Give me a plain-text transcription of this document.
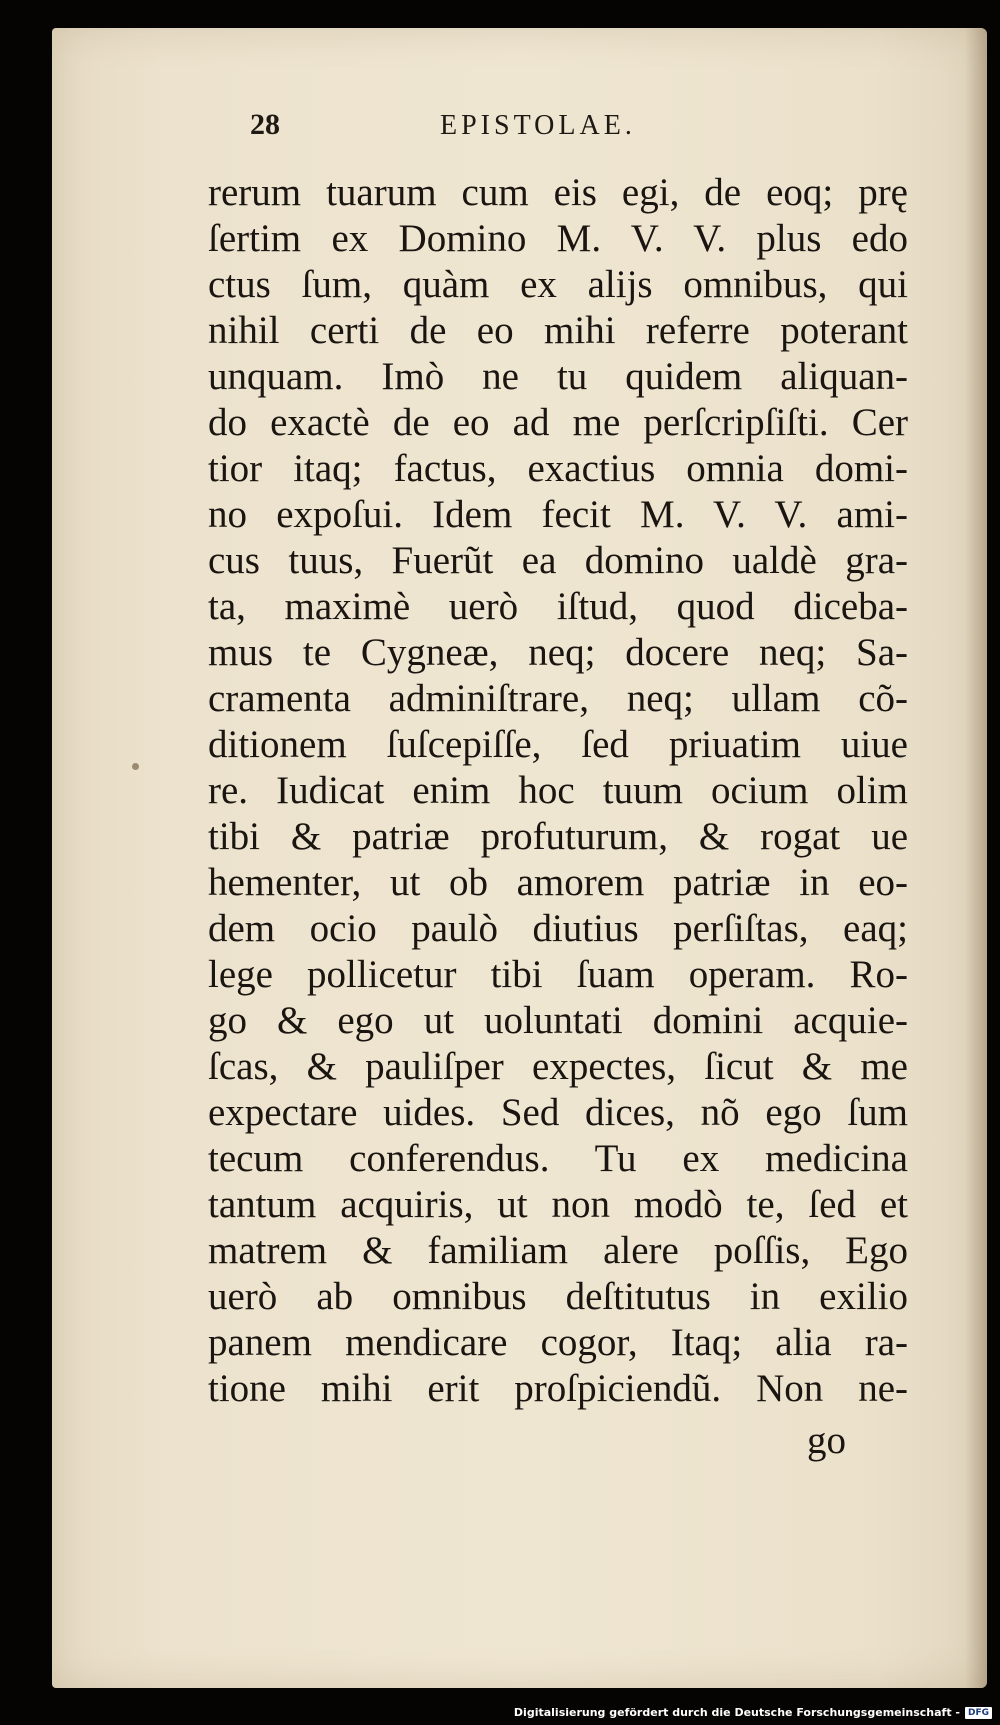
28	EPISTOLAE.
rerum tuarum cum eis egi, de eoq; prę
ſertim ex Domino M. V. V. plus edo
ctus ſum, quàm ex alijs omnibus, qui
nihil certi de eo mihi referre poterant
unquam. Imò ne tu quidem aliquan-
do exactè de eo ad me perſcripſiſti. Cer
tior itaq; factus, exactius omnia domi-
no expoſui. Idem fecit M. V. V. ami-
cus tuus, Fuerũt ea domino ualdè gra-
ta, maximè uerò iſtud, quod diceba-
mus te Cygneæ, neq; docere neq; Sa-
cramenta adminiſtrare, neq; ullam cõ-
ditionem ſuſcepiſſe, ſed priuatim uiue
re. Iudicat enim hoc tuum ocium olim
tibi & patriæ profuturum, & rogat ue
hementer, ut ob amorem patriæ in eo-
dem ocio paulò diutius perſiſtas, eaq;
lege pollicetur tibi ſuam operam. Ro-
go & ego ut uoluntati domini acquie-
ſcas, & pauliſper expectes, ſicut & me
expectare uides. Sed dices, nõ ego ſum
tecum conferendus. Tu ex medicina
tantum acquiris, ut non modò te, ſed et
matrem & familiam alere poſſis, Ego
uerò ab omnibus deſtitutus in exilio
panem mendicare cogor, Itaq; alia ra-
tione mihi erit proſpiciendũ. Non ne-
go
Digitalisierung gefördert durch die Deutsche Forschungsgemeinschaft - DFG
